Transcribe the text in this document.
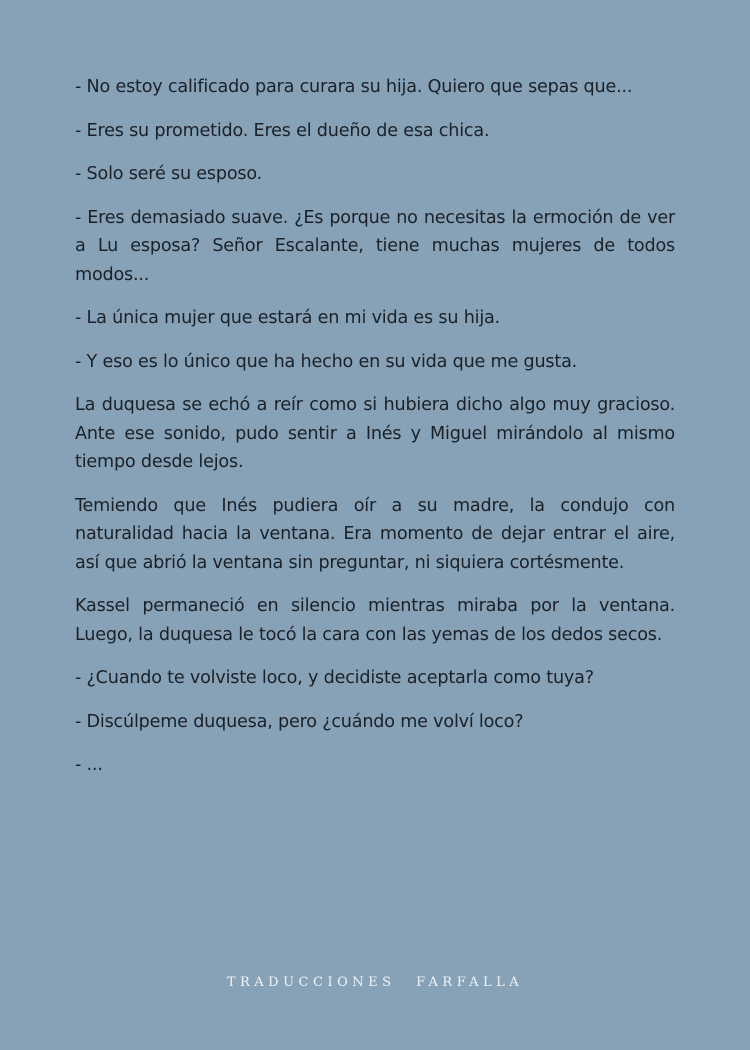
- No estoy calificado para curara su hija. Quiero que sepas que...

- Eres su prometido. Eres el dueño de esa chica.

- Solo seré su esposo.

- Eres demasiado suave. ¿Es porque no necesitas la ermoción de ver a Lu esposa? Señor Escalante, tiene muchas mujeres de todos modos...

- La única mujer que estará en mi vida es su hija.

- Y eso es lo único que ha hecho en su vida que me gusta.

La duquesa se echó a reír como si hubiera dicho algo muy gracioso. Ante ese sonido, pudo sentir a Inés y Miguel mirándolo al mismo tiempo desde lejos.

Temiendo que Inés pudiera oír a su madre, la condujo con naturalidad hacia la ventana. Era momento de dejar entrar el aire, así que abrió la ventana sin preguntar, ni siquiera cortésmente.

Kassel permaneció en silencio mientras miraba por la ventana. Luego, la duquesa le tocó la cara con las yemas de los dedos secos.

- ¿Cuando te volviste loco, y decidiste aceptarla como tuya?

- Discúlpeme duquesa, pero ¿cuándo me volví loco?

- ...

TRADUCCIONES FARFALLA
